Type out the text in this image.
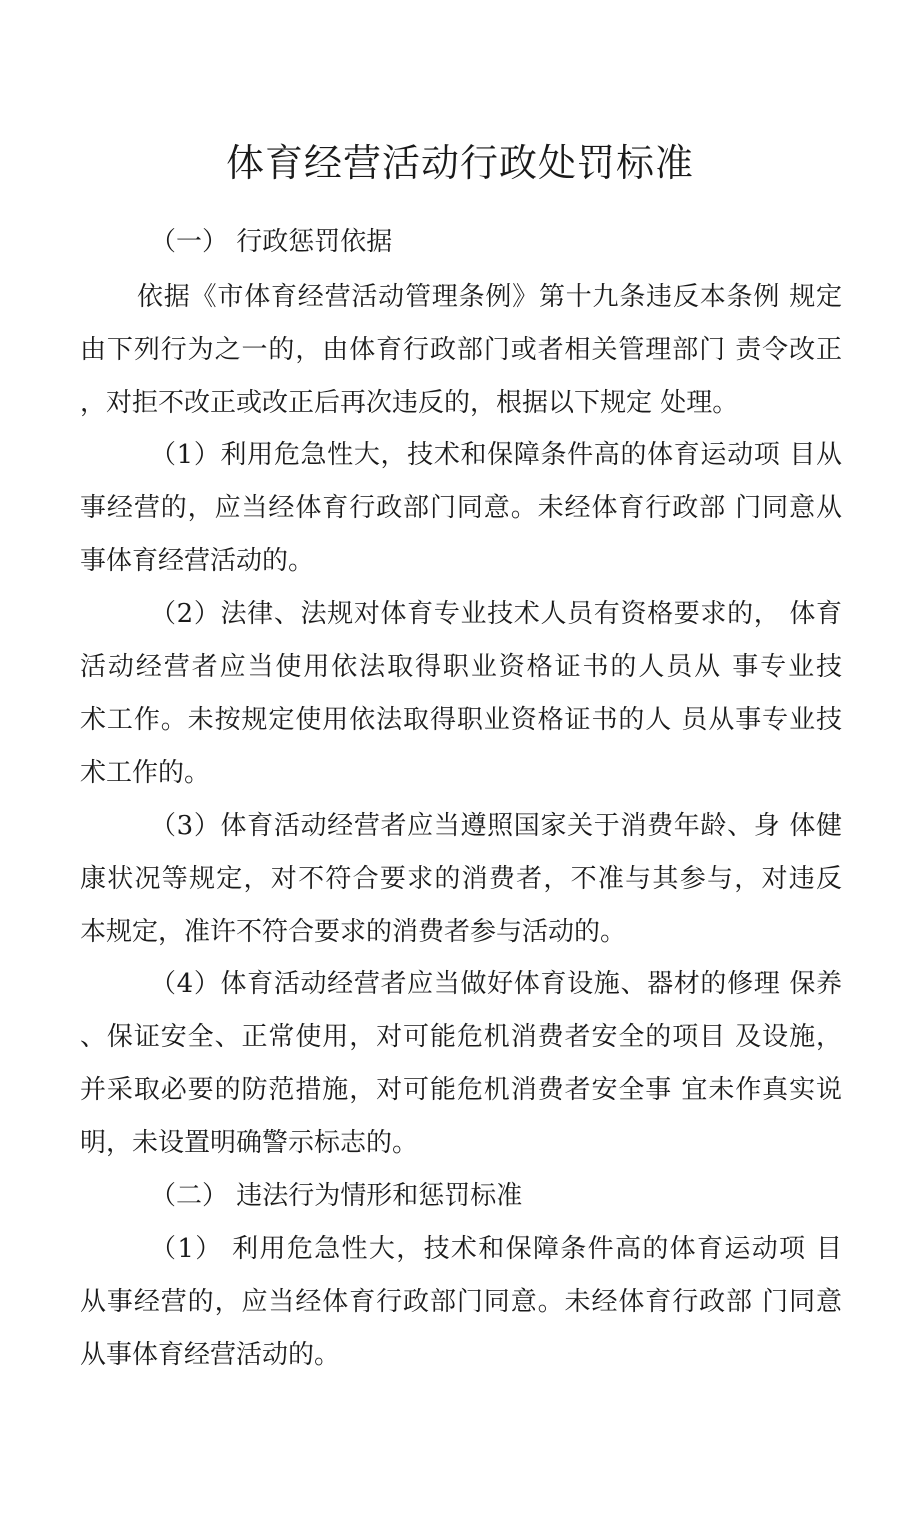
体育经营活动行政处罚标准

（一） 行政惩罚依据

依据《市体育经营活动管理条例》第十九条违反本条例 规定

由下列行为之一的，由体育行政部门或者相关管理部门 责令改正

，对拒不改正或改正后再次违反的，根据以下规定 处理。

（1）利用危急性大，技术和保障条件高的体育运动项 目从

事经营的，应当经体育行政部门同意。未经体育行政部 门同意从

事体育经营活动的。

（2）法律、法规对体育专业技术人员有资格要求的， 体育

活动经营者应当使用依法取得职业资格证书的人员从 事专业技

术工作。未按规定使用依法取得职业资格证书的人 员从事专业技

术工作的。

（3）体育活动经营者应当遵照国家关于消费年龄、身 体健

康状况等规定，对不符合要求的消费者，不准与其参与，对违反

本规定，准许不符合要求的消费者参与活动的。

（4）体育活动经营者应当做好体育设施、器材的修理 保养

、保证安全、正常使用，对可能危机消费者安全的项目 及设施，

并采取必要的防范措施，对可能危机消费者安全事 宜未作真实说

明，未设置明确警示标志的。

（二） 违法行为情形和惩罚标准

（1） 利用危急性大，技术和保障条件高的体育运动项 目

从事经营的，应当经体育行政部门同意。未经体育行政部 门同意

从事体育经营活动的。
